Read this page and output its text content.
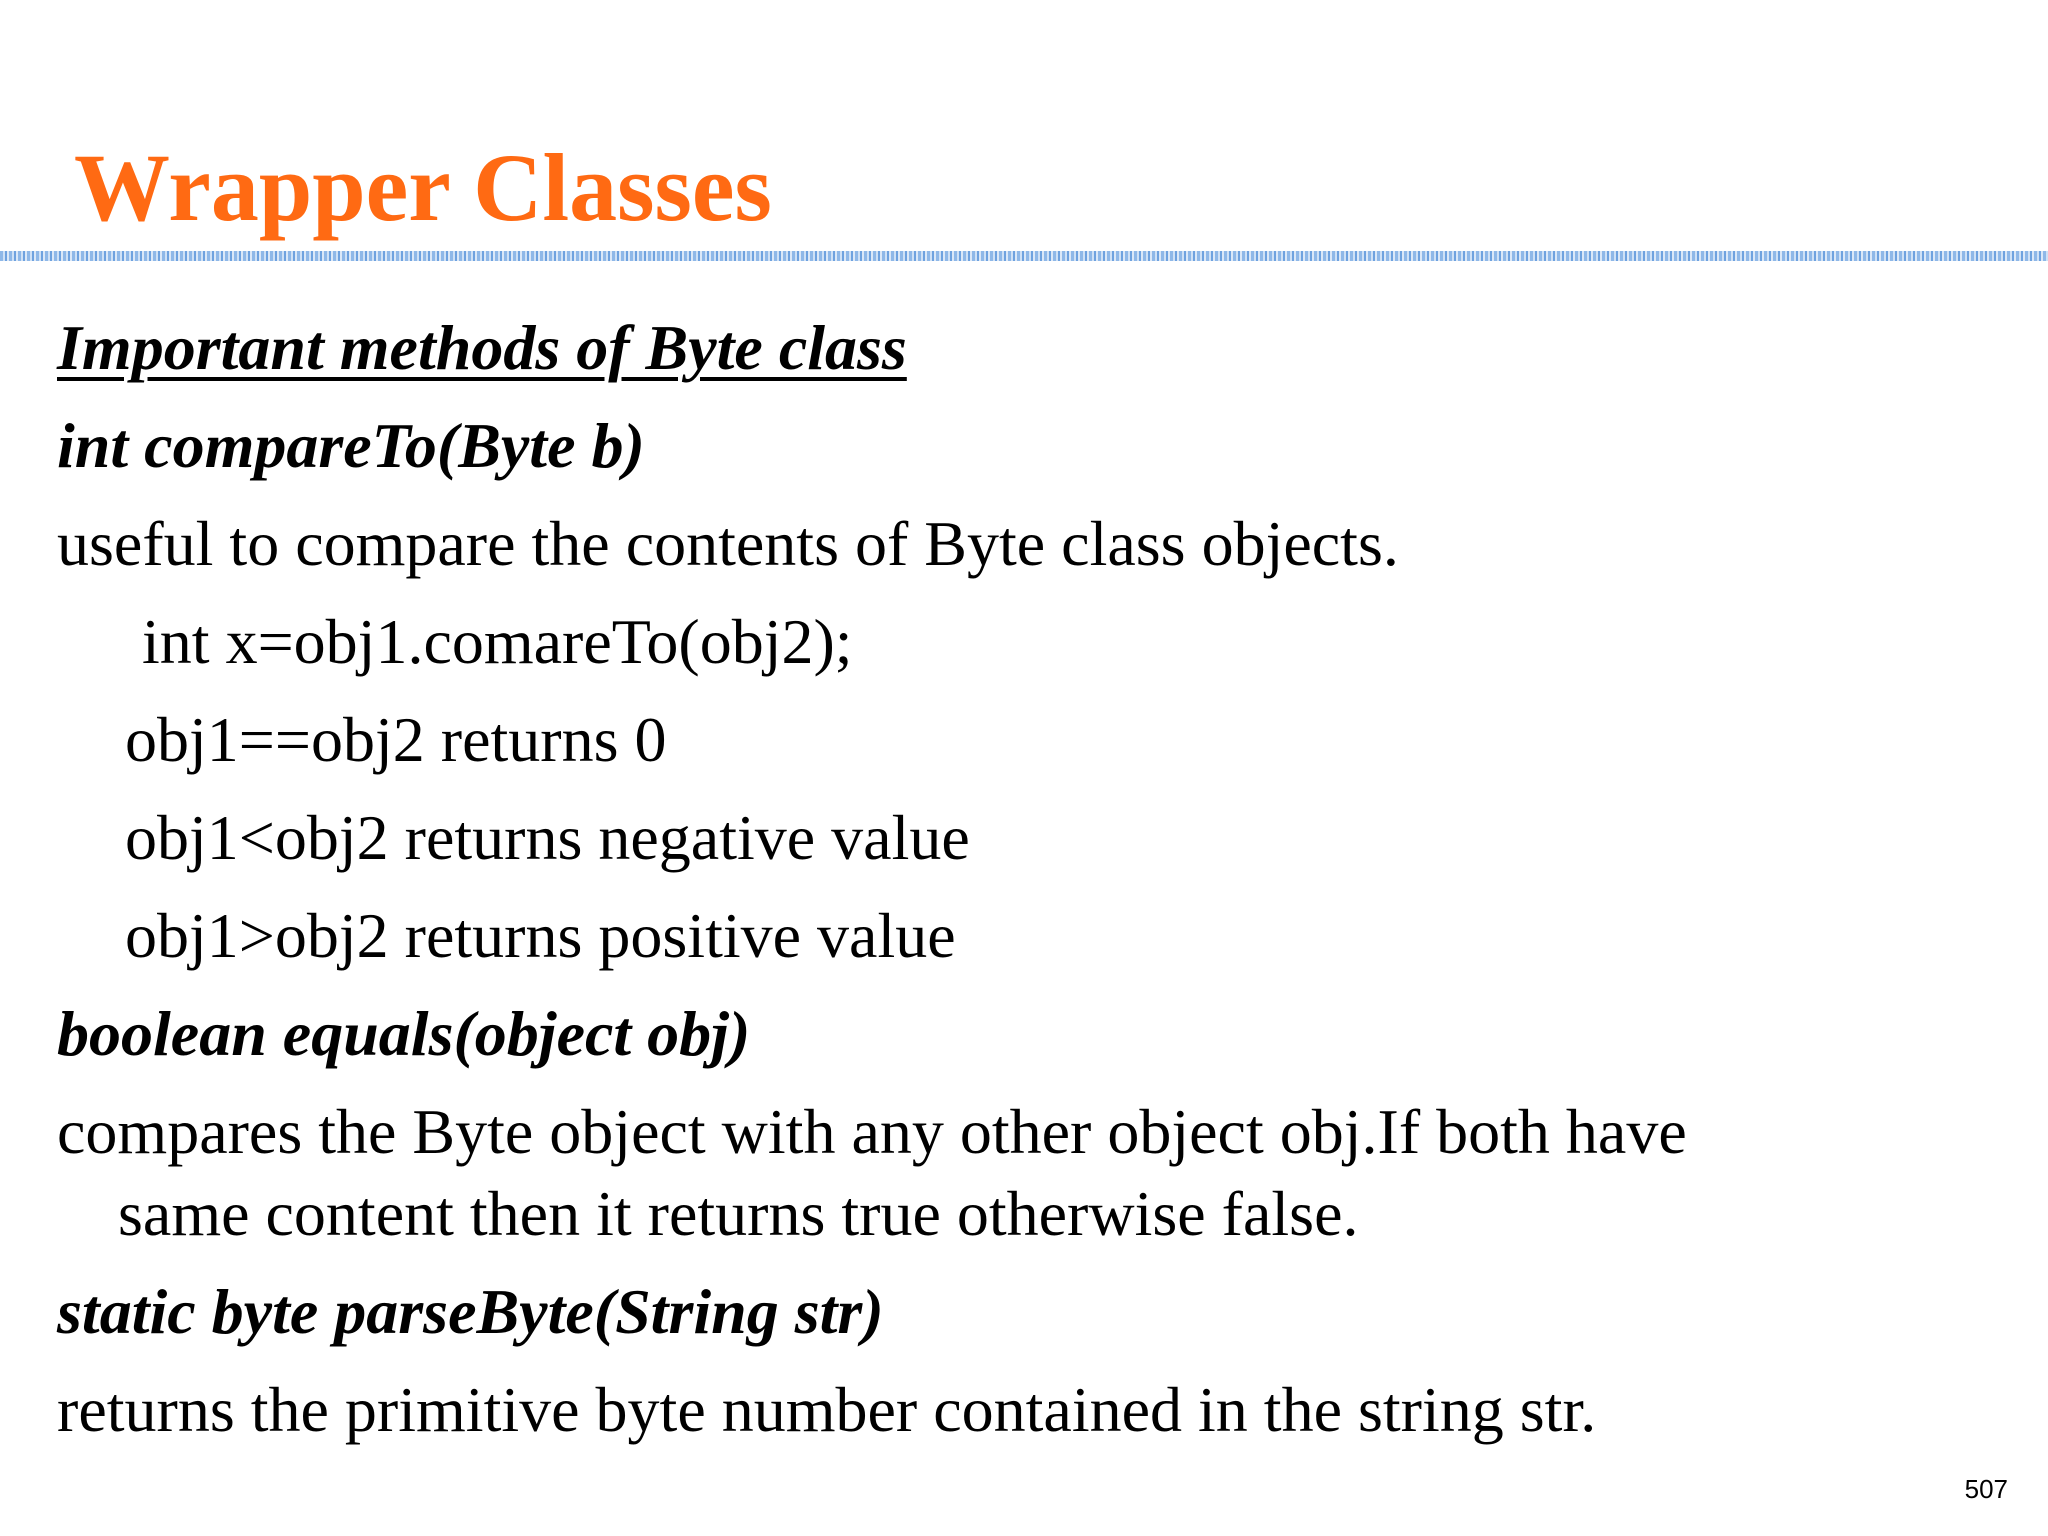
Wrapper Classes
Important methods of Byte class
int compareTo(Byte b)
useful to compare the contents of Byte class objects.
int x=obj1.comareTo(obj2);
obj1==obj2 returns 0
obj1<obj2 returns negative value
obj1>obj2 returns positive value
boolean equals(object obj)
compares the Byte object with any other object obj.If both have
same content then it returns true otherwise false.
static byte parseByte(String str)
returns the primitive byte number contained in the string str.
507
